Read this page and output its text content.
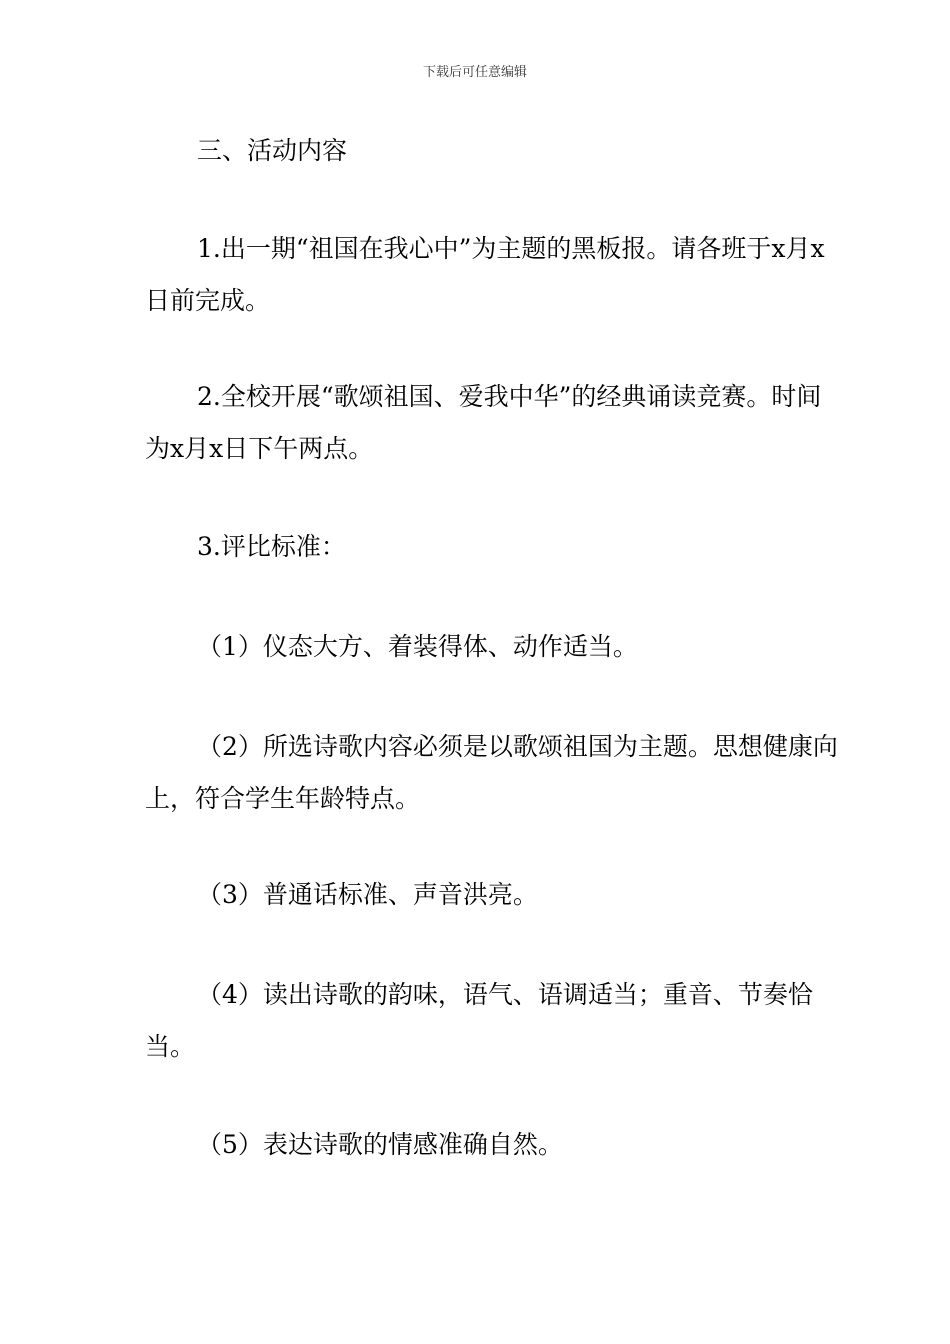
下载后可任意编辑

三、活动内容

1.出一期“祖国在我心中”为主题的黑板报。请各班于x月x日前完成。

2.全校开展“歌颂祖国、爱我中华”的经典诵读竞赛。时间为x月x日下午两点。

3.评比标准：

（1）仪态大方、着装得体、动作适当。

（2）所选诗歌内容必须是以歌颂祖国为主题。思想健康向上，符合学生年龄特点。

（3）普通话标准、声音洪亮。

（4）读出诗歌的韵味，语气、语调适当；重音、节奏恰当。

（5）表达诗歌的情感准确自然。
